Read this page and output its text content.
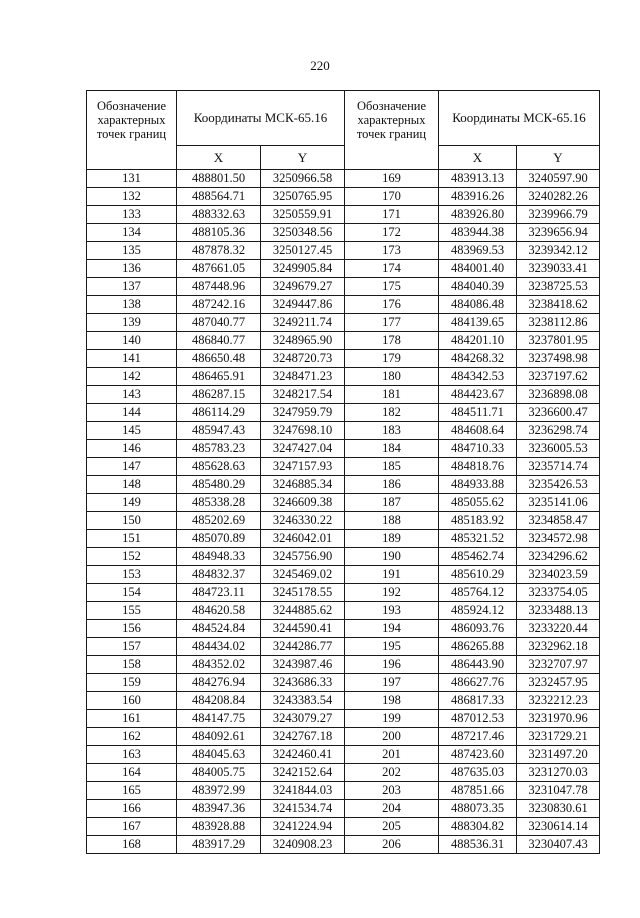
220
Обозначение характерных точек границ	Координаты МСК-65.16	
	X	Y
131	488801.50	3250966.58
132	488564.71	3250765.95
133	488332.63	3250559.91
134	488105.36	3250348.56
135	487878.32	3250127.45
136	487661.05	3249905.84
137	487448.96	3249679.27
138	487242.16	3249447.86
139	487040.77	3249211.74
140	486840.77	3248965.90
141	486650.48	3248720.73
142	486465.91	3248471.23
143	486287.15	3248217.54
144	486114.29	3247959.79
145	485947.43	3247698.10
146	485783.23	3247427.04
147	485628.63	3247157.93
148	485480.29	3246885.34
149	485338.28	3246609.38
150	485202.69	3246330.22
151	485070.89	3246042.01
152	484948.33	3245756.90
153	484832.37	3245469.02
154	484723.11	3245178.55
155	484620.58	3244885.62
156	484524.84	3244590.41
157	484434.02	3244286.77
158	484352.02	3243987.46
159	484276.94	3243686.33
160	484208.84	3243383.54
161	484147.75	3243079.27
162	484092.61	3242767.18
163	484045.63	3242460.41
164	484005.75	3242152.64
165	483972.99	3241844.03
166	483947.36	3241534.74
167	483928.88	3241224.94
168	483917.29	3240908.23
Обозначение характерных точек границ	Координаты МСК-65.16	
	X	Y
169	483913.13	3240597.90
170	483916.26	3240282.26
171	483926.80	3239966.79
172	483944.38	3239656.94
173	483969.53	3239342.12
174	484001.40	3239033.41
175	484040.39	3238725.53
176	484086.48	3238418.62
177	484139.65	3238112.86
178	484201.10	3237801.95
179	484268.32	3237498.98
180	484342.53	3237197.62
181	484423.67	3236898.08
182	484511.71	3236600.47
183	484608.64	3236298.74
184	484710.33	3236005.53
185	484818.76	3235714.74
186	484933.88	3235426.53
187	485055.62	3235141.06
188	485183.92	3234858.47
189	485321.52	3234572.98
190	485462.74	3234296.62
191	485610.29	3234023.59
192	485764.12	3233754.05
193	485924.12	3233488.13
194	486093.76	3233220.44
195	486265.88	3232962.18
196	486443.90	3232707.97
197	486627.76	3232457.95
198	486817.33	3232212.23
199	487012.53	3231970.96
200	487217.46	3231729.21
201	487423.60	3231497.20
202	487635.03	3231270.03
203	487851.66	3231047.78
204	488073.35	3230830.61
205	488304.82	3230614.14
206	488536.31	3230407.43
